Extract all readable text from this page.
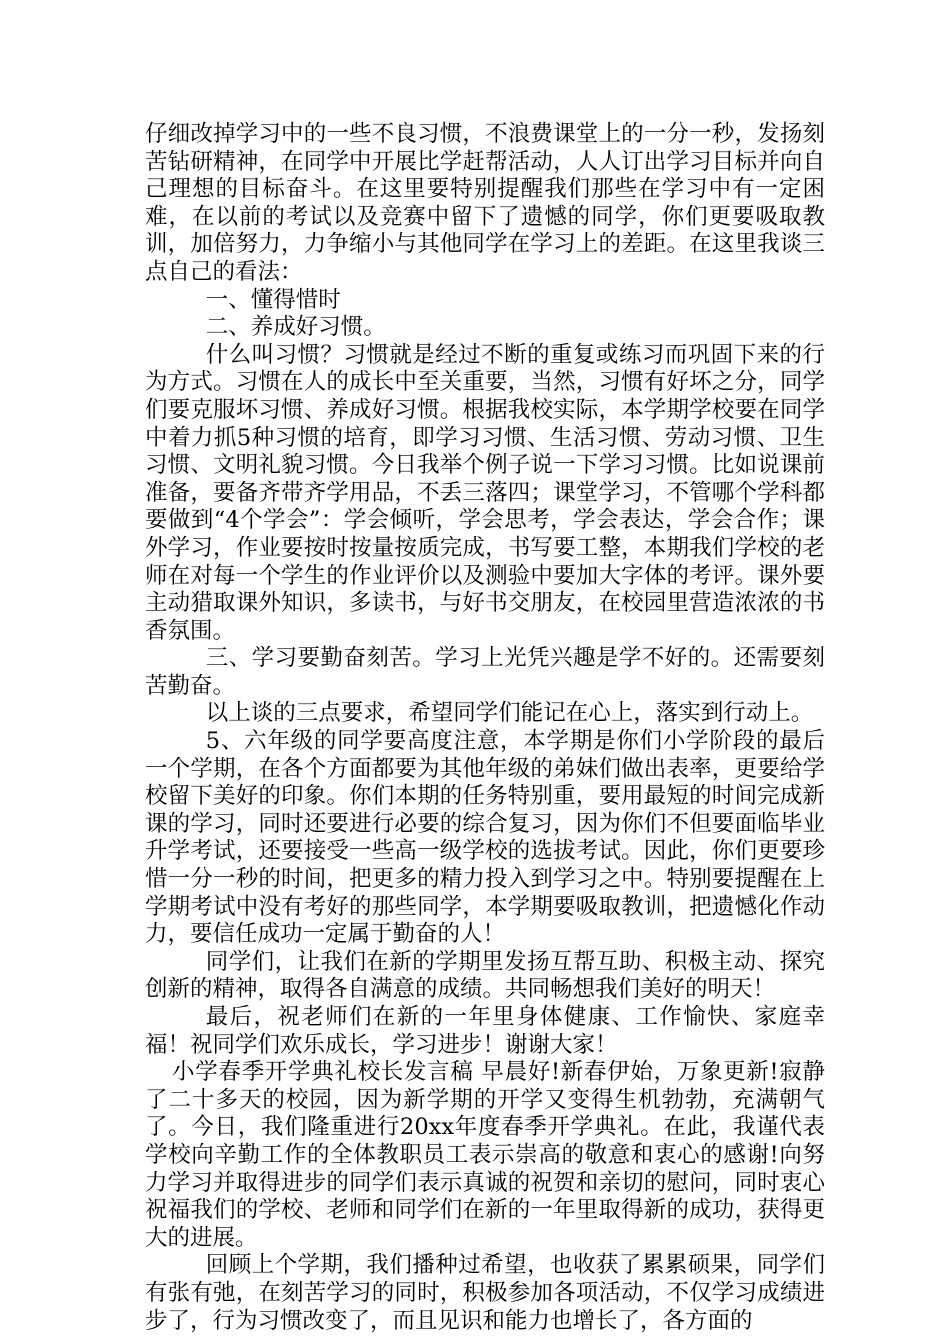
仔细改掉学习中的一些不良习惯，不浪费课堂上的一分一秒，发扬刻苦钻研精神，在同学中开展比学赶帮活动，人人订出学习目标并向自己理想的目标奋斗。在这里要特别提醒我们那些在学习中有一定困难，在以前的考试以及竞赛中留下了遗憾的同学，你们更要吸取教训，加倍努力，力争缩小与其他同学在学习上的差距。在这里我谈三点自己的看法：

一、懂得惜时

二、养成好习惯。

什么叫习惯？习惯就是经过不断的重复或练习而巩固下来的行为方式。习惯在人的成长中至关重要，当然，习惯有好坏之分，同学们要克服坏习惯、养成好习惯。根据我校实际，本学期学校要在同学中着力抓5种习惯的培育，即学习习惯、生活习惯、劳动习惯、卫生习惯、文明礼貌习惯。今日我举个例子说一下学习习惯。比如说课前准备，要备齐带齐学用品，不丢三落四；课堂学习，不管哪个学科都要做到“4个学会”：学会倾听，学会思考，学会表达，学会合作；课外学习，作业要按时按量按质完成，书写要工整，本期我们学校的老师在对每一个学生的作业评价以及测验中要加大字体的考评。课外要主动猎取课外知识，多读书，与好书交朋友，在校园里营造浓浓的书香氛围。

三、学习要勤奋刻苦。学习上光凭兴趣是学不好的。还需要刻苦勤奋。

以上谈的三点要求，希望同学们能记在心上，落实到行动上。

5、六年级的同学要高度注意，本学期是你们小学阶段的最后一个学期，在各个方面都要为其他年级的弟妹们做出表率，更要给学校留下美好的印象。你们本期的任务特别重，要用最短的时间完成新课的学习，同时还要进行必要的综合复习，因为你们不但要面临毕业升学考试，还要接受一些高一级学校的选拔考试。因此，你们更要珍惜一分一秒的时间，把更多的精力投入到学习之中。特别要提醒在上学期考试中没有考好的那些同学，本学期要吸取教训，把遗憾化作动力，要信任成功一定属于勤奋的人！

同学们，让我们在新的学期里发扬互帮互助、积极主动、探究创新的精神，取得各自满意的成绩。共同畅想我们美好的明天！

最后，祝老师们在新的一年里身体健康、工作愉快、家庭幸福！祝同学们欢乐成长，学习进步！谢谢大家！

小学春季开学典礼校长发言稿 早晨好!新春伊始，万象更新!寂静了二十多天的校园，因为新学期的开学又变得生机勃勃，充满朝气了。今日，我们隆重进行20xx年度春季开学典礼。在此，我谨代表学校向辛勤工作的全体教职员工表示崇高的敬意和衷心的感谢!向努力学习并取得进步的同学们表示真诚的祝贺和亲切的慰问，同时衷心祝福我们的学校、老师和同学们在新的一年里取得新的成功，获得更大的进展。

回顾上个学期，我们播种过希望，也收获了累累硕果，同学们有张有弛，在刻苦学习的同时，积极参加各项活动，不仅学习成绩进步了，行为习惯改变了，而且见识和能力也增长了，各方面的
